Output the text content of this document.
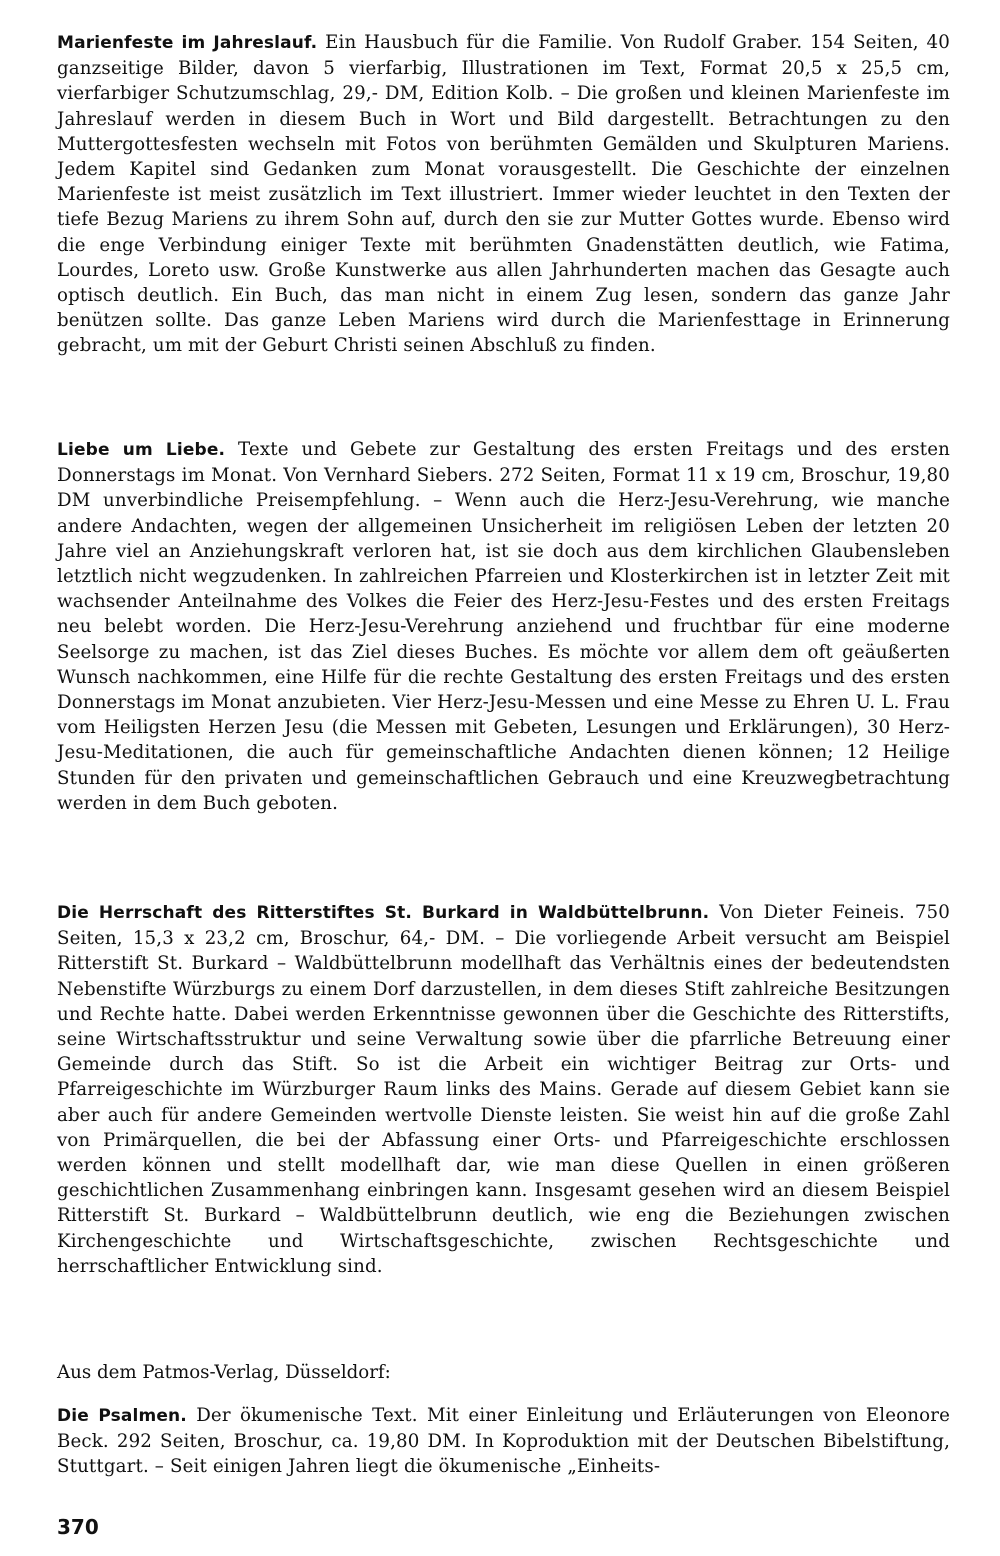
Marienfeste im Jahreslauf. Ein Hausbuch für die Familie. Von Rudolf Graber. 154 Seiten, 40 ganzseitige Bilder, davon 5 vierfarbig, Illustrationen im Text, Format 20,5 x 25,5 cm, vierfarbiger Schutzumschlag, 29,- DM, Edition Kolb. – Die großen und kleinen Marienfeste im Jahreslauf werden in diesem Buch in Wort und Bild dargestellt. Betrachtungen zu den Muttergottesfesten wechseln mit Fotos von berühmten Gemälden und Skulpturen Mariens. Jedem Kapitel sind Gedanken zum Monat vorausgestellt. Die Geschichte der einzelnen Marienfeste ist meist zusätzlich im Text illustriert. Immer wieder leuchtet in den Texten der tiefe Bezug Mariens zu ihrem Sohn auf, durch den sie zur Mutter Gottes wurde. Ebenso wird die enge Verbindung einiger Texte mit berühmten Gnadenstätten deutlich, wie Fatima, Lourdes, Loreto usw. Große Kunstwerke aus allen Jahrhunderten machen das Gesagte auch optisch deutlich. Ein Buch, das man nicht in einem Zug lesen, sondern das ganze Jahr benützen sollte. Das ganze Leben Mariens wird durch die Marienfesttage in Erinnerung gebracht, um mit der Geburt Christi seinen Abschluß zu finden.
Liebe um Liebe. Texte und Gebete zur Gestaltung des ersten Freitags und des ersten Donnerstags im Monat. Von Vernhard Siebers. 272 Seiten, Format 11 x 19 cm, Broschur, 19,80 DM unverbindliche Preisempfehlung. – Wenn auch die Herz-Jesu-Verehrung, wie manche andere Andachten, wegen der allgemeinen Unsicherheit im religiösen Leben der letzten 20 Jahre viel an Anziehungskraft verloren hat, ist sie doch aus dem kirchlichen Glaubensleben letztlich nicht wegzudenken. In zahlreichen Pfarreien und Klosterkirchen ist in letzter Zeit mit wachsender Anteilnahme des Volkes die Feier des Herz-Jesu-Festes und des ersten Freitags neu belebt worden. Die Herz-Jesu-Verehrung anziehend und fruchtbar für eine moderne Seelsorge zu machen, ist das Ziel dieses Buches. Es möchte vor allem dem oft geäußerten Wunsch nachkommen, eine Hilfe für die rechte Gestaltung des ersten Freitags und des ersten Donnerstags im Monat anzubieten. Vier Herz-Jesu-Messen und eine Messe zu Ehren U. L. Frau vom Heiligsten Herzen Jesu (die Messen mit Gebeten, Lesungen und Erklärungen), 30 Herz-Jesu-Meditationen, die auch für gemeinschaftliche Andachten dienen können; 12 Heilige Stunden für den privaten und gemeinschaftlichen Gebrauch und eine Kreuzwegbetrachtung werden in dem Buch geboten.
Die Herrschaft des Ritterstiftes St. Burkard in Waldbüttelbrunn. Von Dieter Feineis. 750 Seiten, 15,3 x 23,2 cm, Broschur, 64,- DM. – Die vorliegende Arbeit versucht am Beispiel Ritterstift St. Burkard – Waldbüttelbrunn modellhaft das Verhältnis eines der bedeutendsten Nebenstifte Würzburgs zu einem Dorf darzustellen, in dem dieses Stift zahlreiche Besitzungen und Rechte hatte. Dabei werden Erkenntnisse gewonnen über die Geschichte des Ritterstifts, seine Wirtschaftsstruktur und seine Verwaltung sowie über die pfarrliche Betreuung einer Gemeinde durch das Stift. So ist die Arbeit ein wichtiger Beitrag zur Orts- und Pfarreigeschichte im Würzburger Raum links des Mains. Gerade auf diesem Gebiet kann sie aber auch für andere Gemeinden wertvolle Dienste leisten. Sie weist hin auf die große Zahl von Primärquellen, die bei der Abfassung einer Orts- und Pfarreigeschichte erschlossen werden können und stellt modellhaft dar, wie man diese Quellen in einen größeren geschichtlichen Zusammenhang einbringen kann. Insgesamt gesehen wird an diesem Beispiel Ritterstift St. Burkard – Waldbüttelbrunn deutlich, wie eng die Beziehungen zwischen Kirchengeschichte und Wirtschaftsgeschichte, zwischen Rechtsgeschichte und herrschaftlicher Entwicklung sind.
Aus dem Patmos-Verlag, Düsseldorf:
Die Psalmen. Der ökumenische Text. Mit einer Einleitung und Erläuterungen von Eleonore Beck. 292 Seiten, Broschur, ca. 19,80 DM. In Koproduktion mit der Deutschen Bibelstiftung, Stuttgart. – Seit einigen Jahren liegt die ökumenische „Einheits-
370
